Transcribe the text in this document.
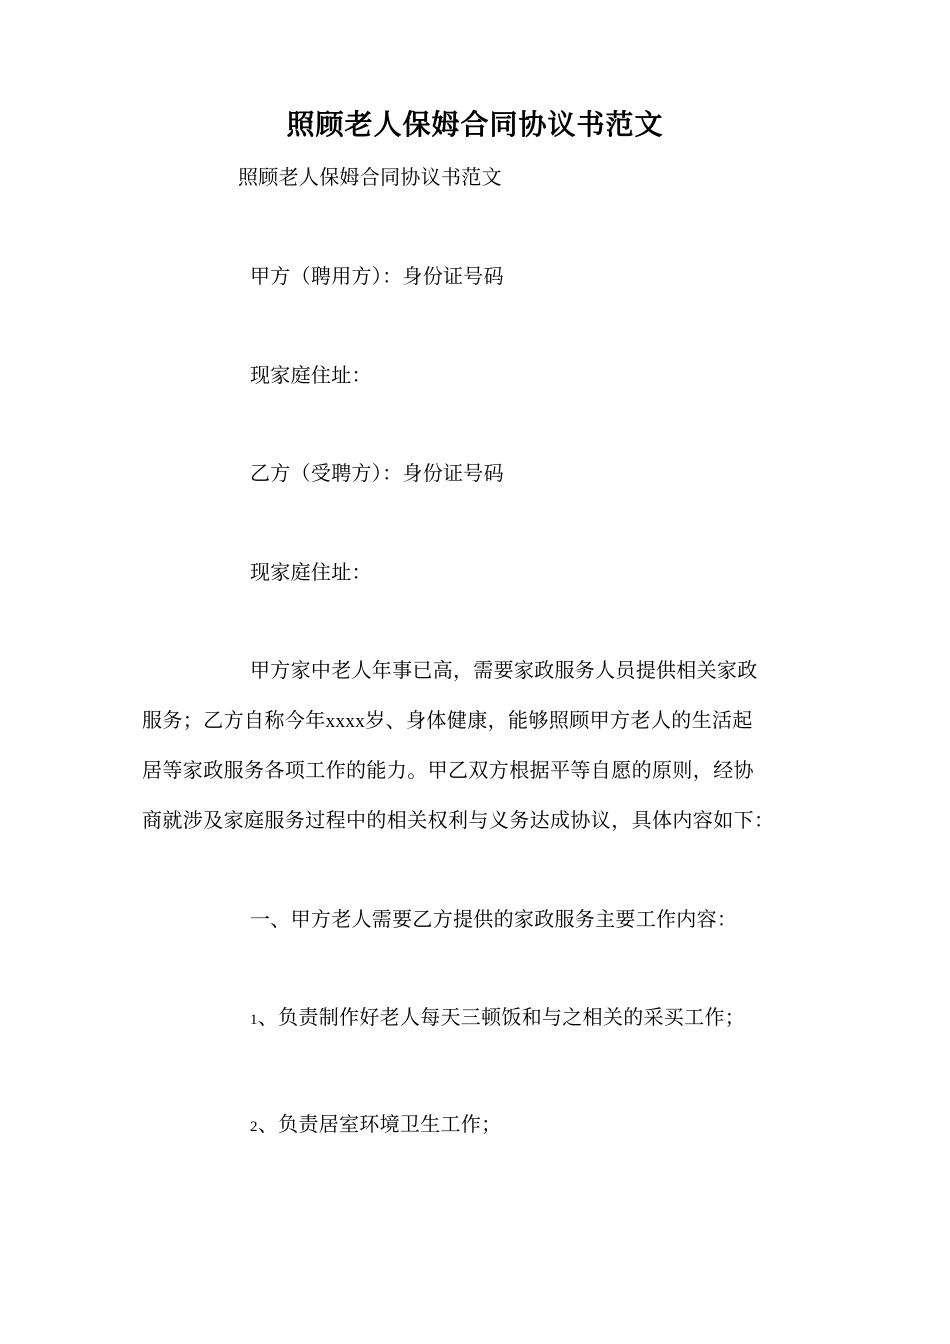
照顾老人保姆合同协议书范文
照顾老人保姆合同协议书范文
甲方（聘用方）：身份证号码
现家庭住址：
乙方（受聘方）：身份证号码
现家庭住址：
甲方家中老人年事已高，需要家政服务人员提供相关家政
服务；乙方自称今年xxxx岁、身体健康，能够照顾甲方老人的生活起
居等家政服务各项工作的能力。甲乙双方根据平等自愿的原则，经协
商就涉及家庭服务过程中的相关权利与义务达成协议，具体内容如下：
一、甲方老人需要乙方提供的家政服务主要工作内容：
1、负责制作好老人每天三顿饭和与之相关的采买工作；
2、负责居室环境卫生工作；
